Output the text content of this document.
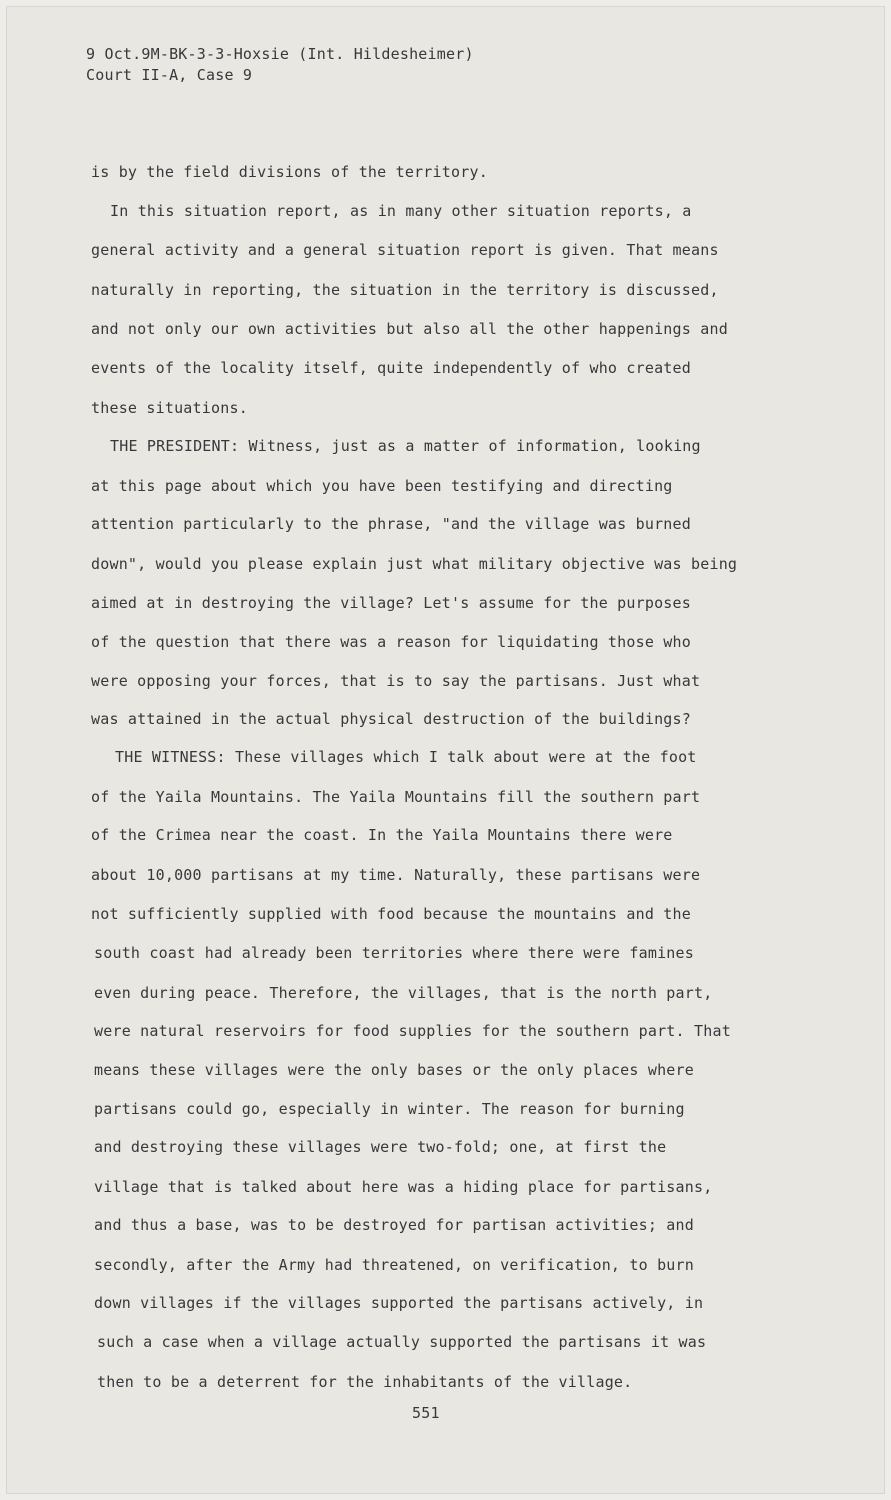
9 Oct.9M-BK-3-3-Hoxsie (Int. Hildesheimer)
Court II-A, Case 9
is by the field divisions of the territory.
In this situation report, as in many other situation reports, a
general activity and a general situation report is given. That means
naturally in reporting, the situation in the territory is discussed,
and not only our own activities but also all the other happenings and
events of the locality itself, quite independently of who created
these situations.
THE PRESIDENT: Witness, just as a matter of information, looking
at this page about which you have been testifying and directing
attention particularly to the phrase, "and the village was burned
down", would you please explain just what military objective was being
aimed at in destroying the village? Let's assume for the purposes
of the question that there was a reason for liquidating those who
were opposing your forces, that is to say the partisans. Just what
was attained in the actual physical destruction of the buildings?
THE WITNESS: These villages which I talk about were at the foot
of the Yaila Mountains. The Yaila Mountains fill the southern part
of the Crimea near the coast. In the Yaila Mountains there were
about 10,000 partisans at my time. Naturally, these partisans were
not sufficiently supplied with food because the mountains and the
south coast had already been territories where there were famines
even during peace. Therefore, the villages, that is the north part,
were natural reservoirs for food supplies for the southern part. That
means these villages were the only bases or the only places where
partisans could go, especially in winter. The reason for burning
and destroying these villages were two-fold; one, at first the
village that is talked about here was a hiding place for partisans,
and thus a base, was to be destroyed for partisan activities; and
secondly, after the Army had threatened, on verification, to burn
down villages if the villages supported the partisans actively, in
such a case when a village actually supported the partisans it was
then to be a deterrent for the inhabitants of the village.
551
